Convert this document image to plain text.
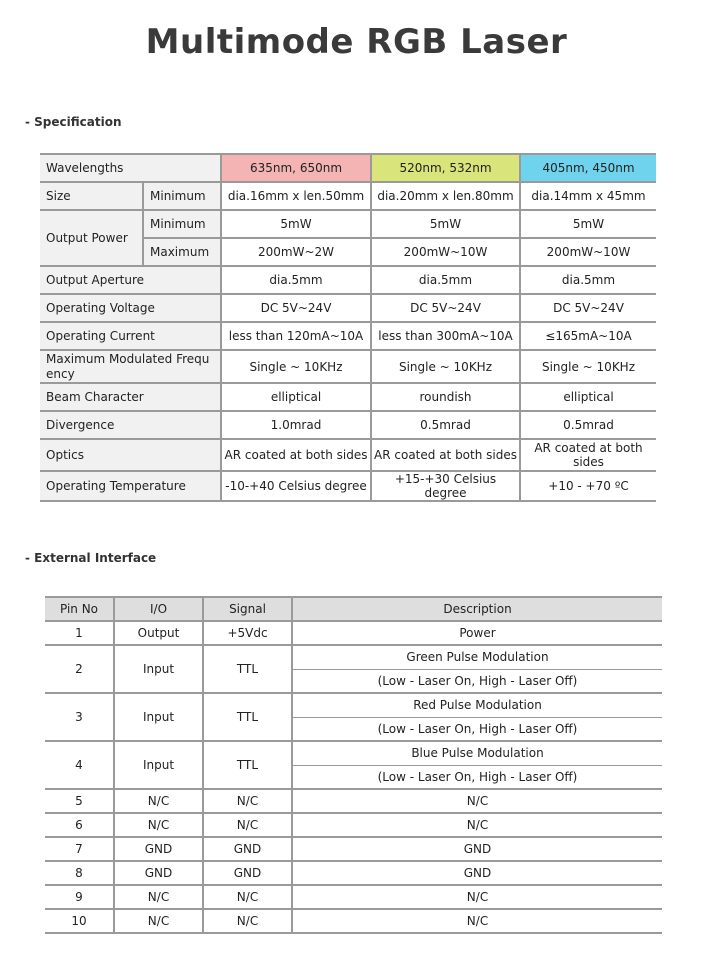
Multimode RGB Laser
- Specification
Wavelengths		635nm, 650nm	520nm, 532nm	405nm, 450nm
Size	Minimum	dia.16mm x len.50mm	dia.20mm x len.80mm	dia.14mm x 45mm
Output Power	Minimum	5mW	5mW	5mW
	Maximum	200mW~2W	200mW~10W	200mW~10W
Output Aperture		dia.5mm	dia.5mm	dia.5mm
Operating Voltage		DC 5V~24V	DC 5V~24V	DC 5V~24V
Operating Current		less than 120mA~10A	less than 300mA~10A	≤165mA~10A
Maximum Modulated Frequency		Single ~ 10KHz	Single ~ 10KHz	Single ~ 10KHz
Beam Character		elliptical	roundish	elliptical
Divergence		1.0mrad	0.5mrad	0.5mrad
Optics		AR coated at both sides	AR coated at both sides	AR coated at both sides
Operating Temperature		-10-+40 Celsius degree	+15-+30 Celsius degree	+10 - +70 ºC
- External Interface
Pin No	I/O	Signal	Description
1	Output	+5Vdc	Power
2	Input	TTL	Green Pulse Modulation
			(Low - Laser On, High - Laser Off)
3	Input	TTL	Red Pulse Modulation
			(Low - Laser On, High - Laser Off)
4	Input	TTL	Blue Pulse Modulation
			(Low - Laser On, High - Laser Off)
5	N/C	N/C	N/C
6	N/C	N/C	N/C
7	GND	GND	GND
8	GND	GND	GND
9	N/C	N/C	N/C
10	N/C	N/C	N/C
